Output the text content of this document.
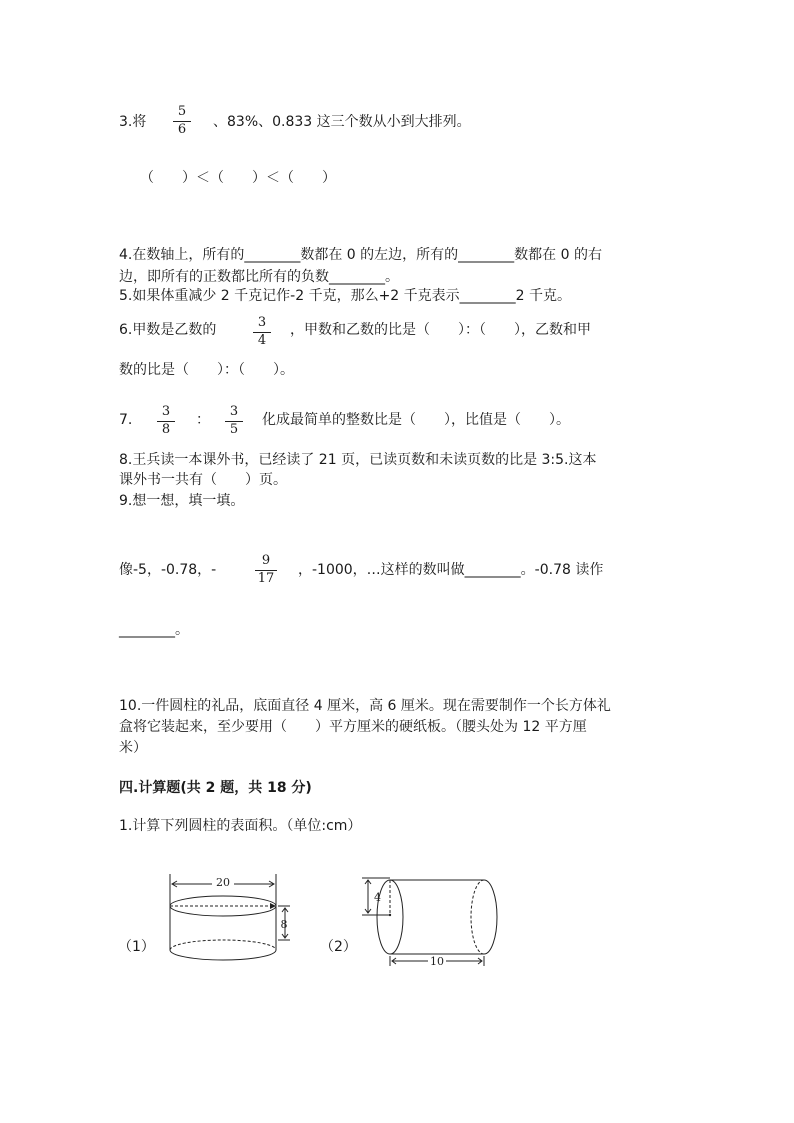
3.将
5
6	、83%、0.833 这三个数从小到大排列。
（　　）＜（　　）＜（　　）
4.在数轴上，所有的________数都在 0 的左边，所有的________数都在 0 的右
边，即所有的正数都比所有的负数________。
5.如果体重减少 2 千克记作-2 千克，那么+2 千克表示________2 千克。
6.甲数是乙数的	3
4
，甲数和乙数的比是（　　）：（　　），乙数和甲
数的比是（　　）：（　　）。
7.
3
8
：
3
5
化成最简单的整数比是（　　），比值是（　　）。
8.王兵读一本课外书，已经读了 21 页，已读页数和未读页数的比是 3:5.这本
课外书一共有（　　）页。
9.想一想，填一填。
像-5，-0.78，-
9
17
，-1000，…这样的数叫做________。-0.78 读作
________。
10.一件圆柱的礼品，底面直径 4 厘米，高 6 厘米。现在需要制作一个长方体礼
盒将它装起来，至少要用（　　）平方厘米的硬纸板。（腰头处为 12 平方厘
米）
四.计算题(共 2 题，共 18 分)
1.计算下列圆柱的表面积。（单位:cm）
（1）	（2）
20
8
4
10
